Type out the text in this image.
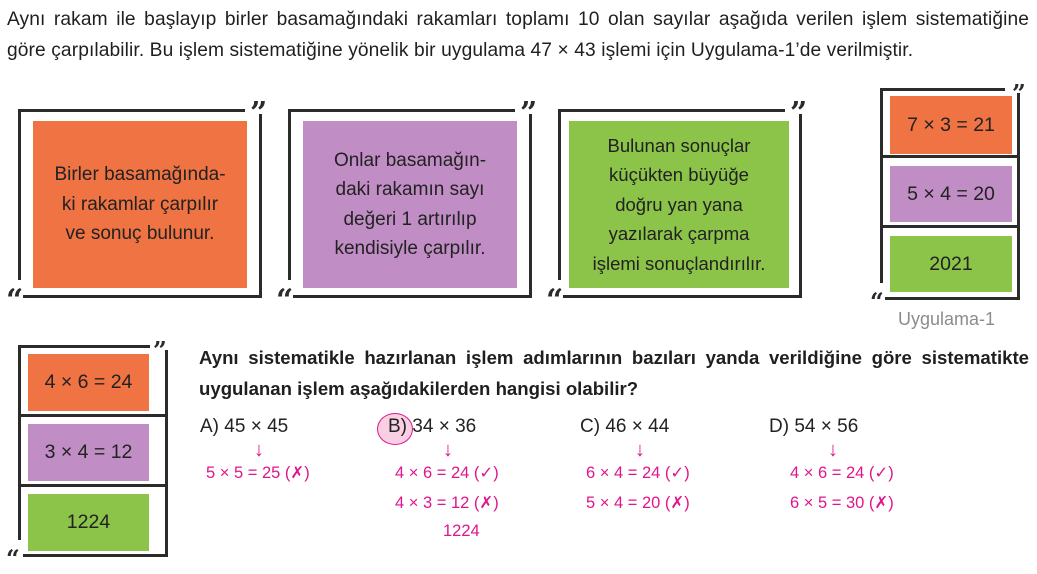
Aynı rakam ile başlayıp birler basamağındaki rakamları toplamı 10 olan sayılar aşağıda verilen işlem sistematiğine göre çarpılabilir. Bu işlem sistematiğine yönelik bir uygulama 47 × 43 işlemi için Uygulama-1’de verilmiştir.
”
“
Birler basamağında-
ki rakamlar çarpılır
ve sonuç bulunur.
”
“
Onlar basamağın-
daki rakamın sayı
değeri 1 artırılıp
kendisiyle çarpılır.
”
“
Bulunan sonuçlar
küçükten büyüğe
doğru yan yana
yazılarak çarpma
işlemi sonuçlandırılır.
”
“
7 × 3 = 21
5 × 4 = 20
2021
Uygulama-1
”
“
4 × 6 = 24
3 × 4 = 12
1224
Aynı sistematikle hazırlanan işlem adımlarının bazıları yanda verildiğine göre sistematikte uygulanan işlem aşağıdakilerden hangisi olabilir?
A) 45 × 45
↓
5 × 5 = 25 (✗)
B) 34 × 36
↓
4 × 6 = 24 (✓)
4 × 3 = 12 (✗)
1224
C) 46 × 44
↓
6 × 4 = 24 (✓)
5 × 4 = 20 (✗)
D) 54 × 56
↓
4 × 6 = 24 (✓)
6 × 5 = 30 (✗)
